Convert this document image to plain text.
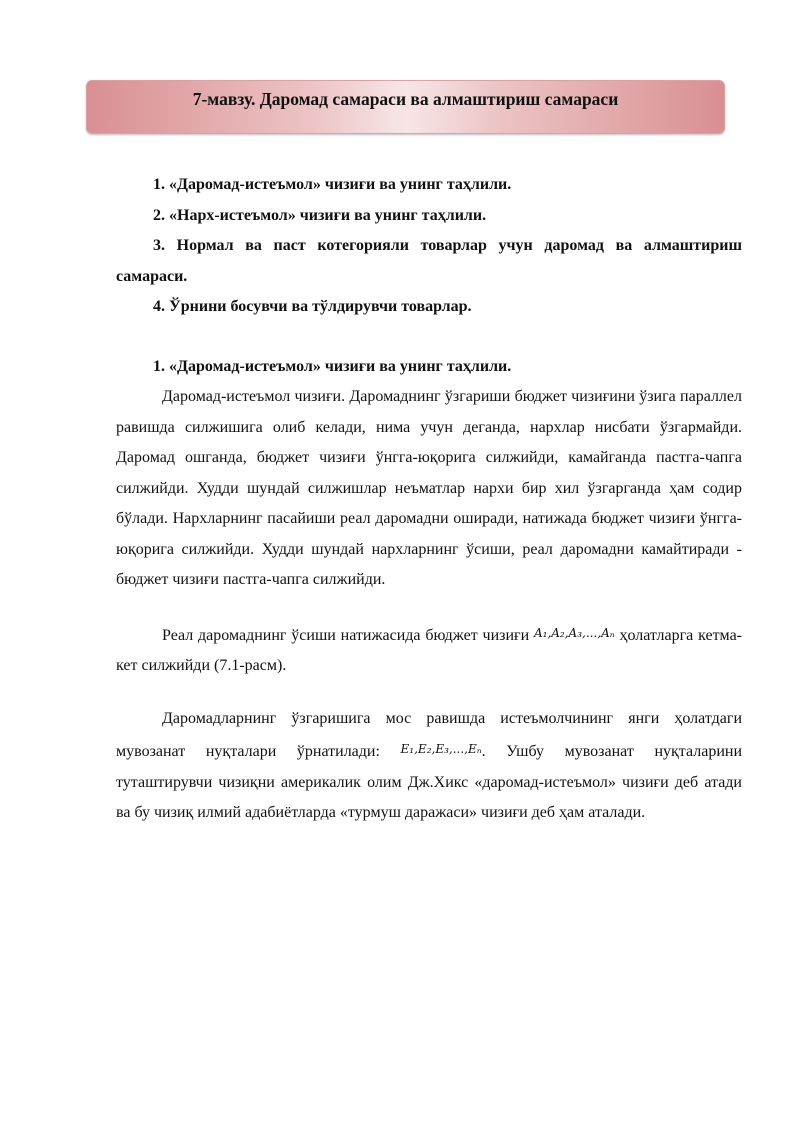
7-мавзу. Даромад самараси ва алмаштириш самараси

1. «Даромад-истеъмол» чизиғи ва унинг таҳлили.

2. «Нарх-истеъмол» чизиғи ва унинг таҳлили.

3. Нормал ва паст котегорияли товарлар учун даромад ва алмаштириш самараси.

4. Ўрнини босувчи ва тўлдирувчи товарлар.

1. «Даромад-истеъмол» чизиғи ва унинг таҳлили.

Даромад-истеъмол чизиғи. Даромаднинг ўзгариши бюджет чизиғини ўзига параллел равишда силжишига олиб келади, нима учун деганда, нархлар нисбати ўзгармайди. Даромад ошганда, бюджет чизиғи ўнгга-юқорига силжийди, камайганда пастга-чапга силжийди. Худди шундай силжишлар неъматлар нархи бир хил ўзгарганда ҳам содир бўлади. Нархларнинг пасайиши реал даромадни оширади, натижада бюджет чизиғи ўнгга-юқорига силжийди. Худди шундай нархларнинг ўсиши, реал даромадни камайтиради - бюджет чизиғи пастга-чапга силжийди.

Реал даромаднинг ўсиши натижасида бюджет чизиғи A₁,A₂,A₃,...,Aₙ ҳолатларга кетма-кет силжийди (7.1-расм).

Даромадларнинг ўзгаришига мос равишда истеъмолчининг янги ҳолатдаги мувозанат нуқталари ўрнатилади: E₁,E₂,E₃,...,Eₙ. Ушбу мувозанат нуқталарини туташтирувчи чизиқни америкалик олим Дж.Хикс «даромад-истеъмол» чизиғи деб атади ва бу чизиқ илмий адабиётларда «турмуш даражаси» чизиғи деб ҳам аталади.
